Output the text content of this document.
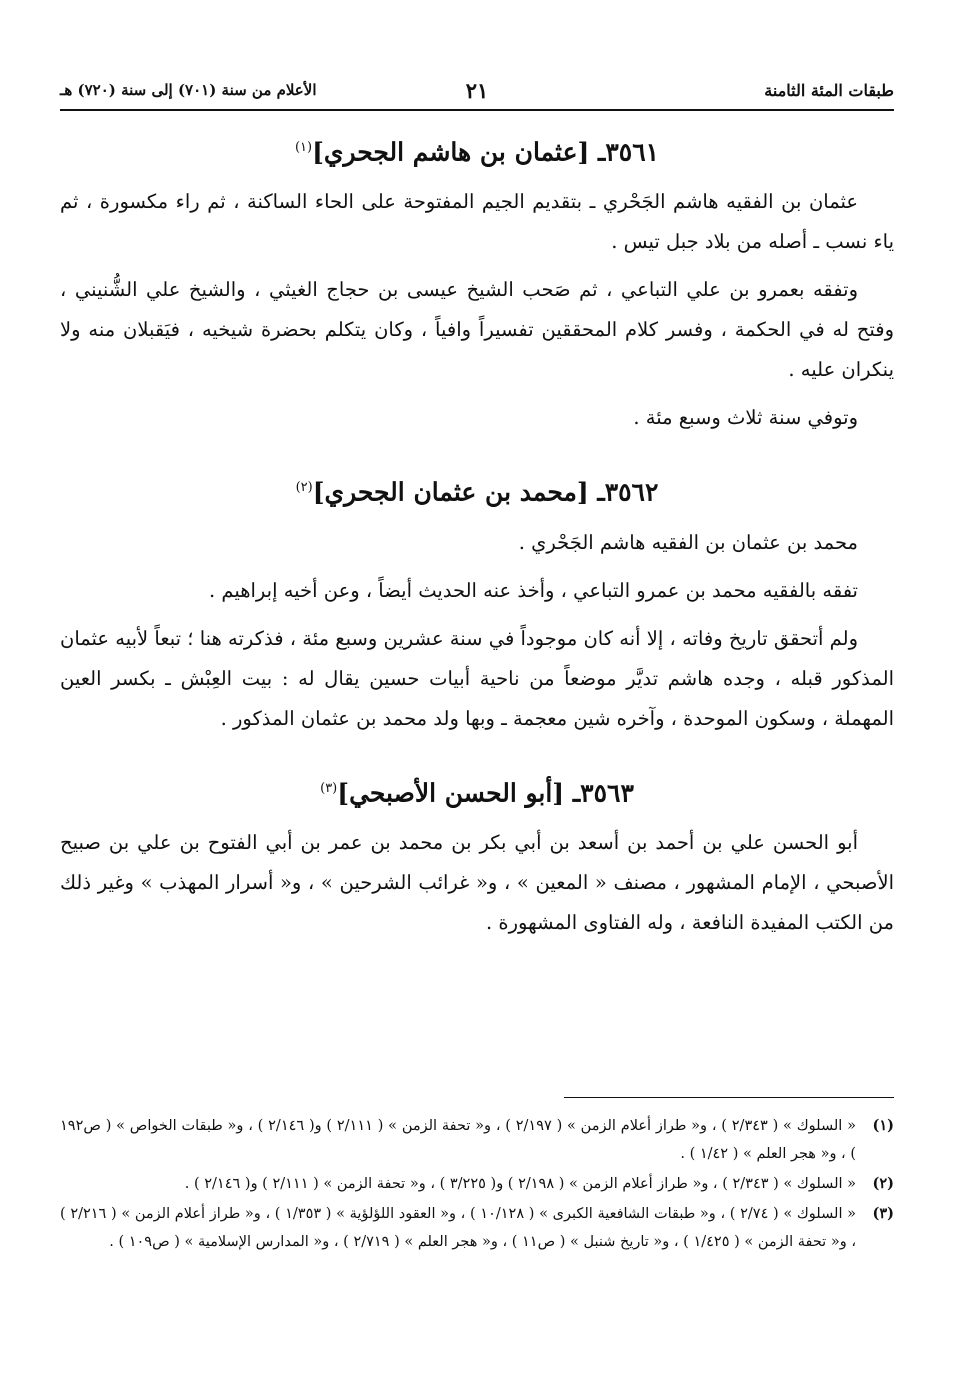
طبقات المئة الثامنة
٢١
الأعلام من سنة (٧٠١) إلى سنة (٧٢٠) هـ
٣٥٦١ـ [عثمان بن هاشم الجحري]$^{(١)}$

عثمان بن الفقيه هاشم الجَحْري ـ بتقديم الجيم المفتوحة على الحاء الساكنة ، ثم راء مكسورة ، ثم ياء نسب ـ أصله من بلاد جبل تيس .

وتفقه بعمرو بن علي التباعي ، ثم صَحب الشيخ عيسى بن حجاج الغيثي ، والشيخ علي الشُّنيني ، وفتح له في الحكمة ، وفسر كلام المحققين تفسيراً وافياً ، وكان يتكلم بحضرة شيخيه ، فيَقبلان منه ولا ينكران عليه .

وتوفي سنة ثلاث وسبع مئة .

٣٥٦٢ـ [محمد بن عثمان الجحري]$^{(٢)}$

محمد بن عثمان بن الفقيه هاشم الجَحْري .

تفقه بالفقيه محمد بن عمرو التباعي ، وأخذ عنه الحديث أيضاً ، وعن أخيه إبراهيم .

ولم أتحقق تاريخ وفاته ، إلا أنه كان موجوداً في سنة عشرين وسبع مئة ، فذكرته هنا ؛ تبعاً لأبيه عثمان المذكور قبله ، وجده هاشم تديَّر موضعاً من ناحية أبيات حسين يقال له : بيت العِبْش ـ بكسر العين المهملة ، وسكون الموحدة ، وآخره شين معجمة ـ وبها ولد محمد بن عثمان المذكور .

٣٥٦٣ـ [أبو الحسن الأصبحي]$^{(٣)}$

أبو الحسن علي بن أحمد بن أسعد بن أبي بكر بن محمد بن عمر بن أبي الفتوح بن علي بن صبيح الأصبحي ، الإمام المشهور ، مصنف « المعين » ، و« غرائب الشرحين » ، و« أسرار المهذب » وغير ذلك من الكتب المفيدة النافعة ، وله الفتاوى المشهورة .

(١)
« السلوك » ( ٢/٣٤٣ ) ، و« طراز أعلام الزمن » ( ٢/١٩٧ ) ، و« تحفة الزمن » ( ٢/١١١ ) و( ٢/١٤٦ ) ، و« طبقات الخواص » ( ص١٩٢ ) ، و« هجر العلم » ( ١/٤٢ ) .
(٢)
« السلوك » ( ٢/٣٤٣ ) ، و« طراز أعلام الزمن » ( ٢/١٩٨ ) و( ٣/٢٢٥ ) ، و« تحفة الزمن » ( ٢/١١١ ) و( ٢/١٤٦ ) .
(٣)
« السلوك » ( ٢/٧٤ ) ، و« طبقات الشافعية الكبرى » ( ١٠/١٢٨ ) ، و« العقود اللؤلؤية » ( ١/٣٥٣ ) ، و« طراز أعلام الزمن » ( ٢/٢١٦ ) ، و« تحفة الزمن » ( ١/٤٢٥ ) ، و« تاريخ شنبل » ( ص١١ ) ، و« هجر العلم » ( ٢/٧١٩ ) ، و« المدارس الإسلامية » ( ص١٠٩ ) .
